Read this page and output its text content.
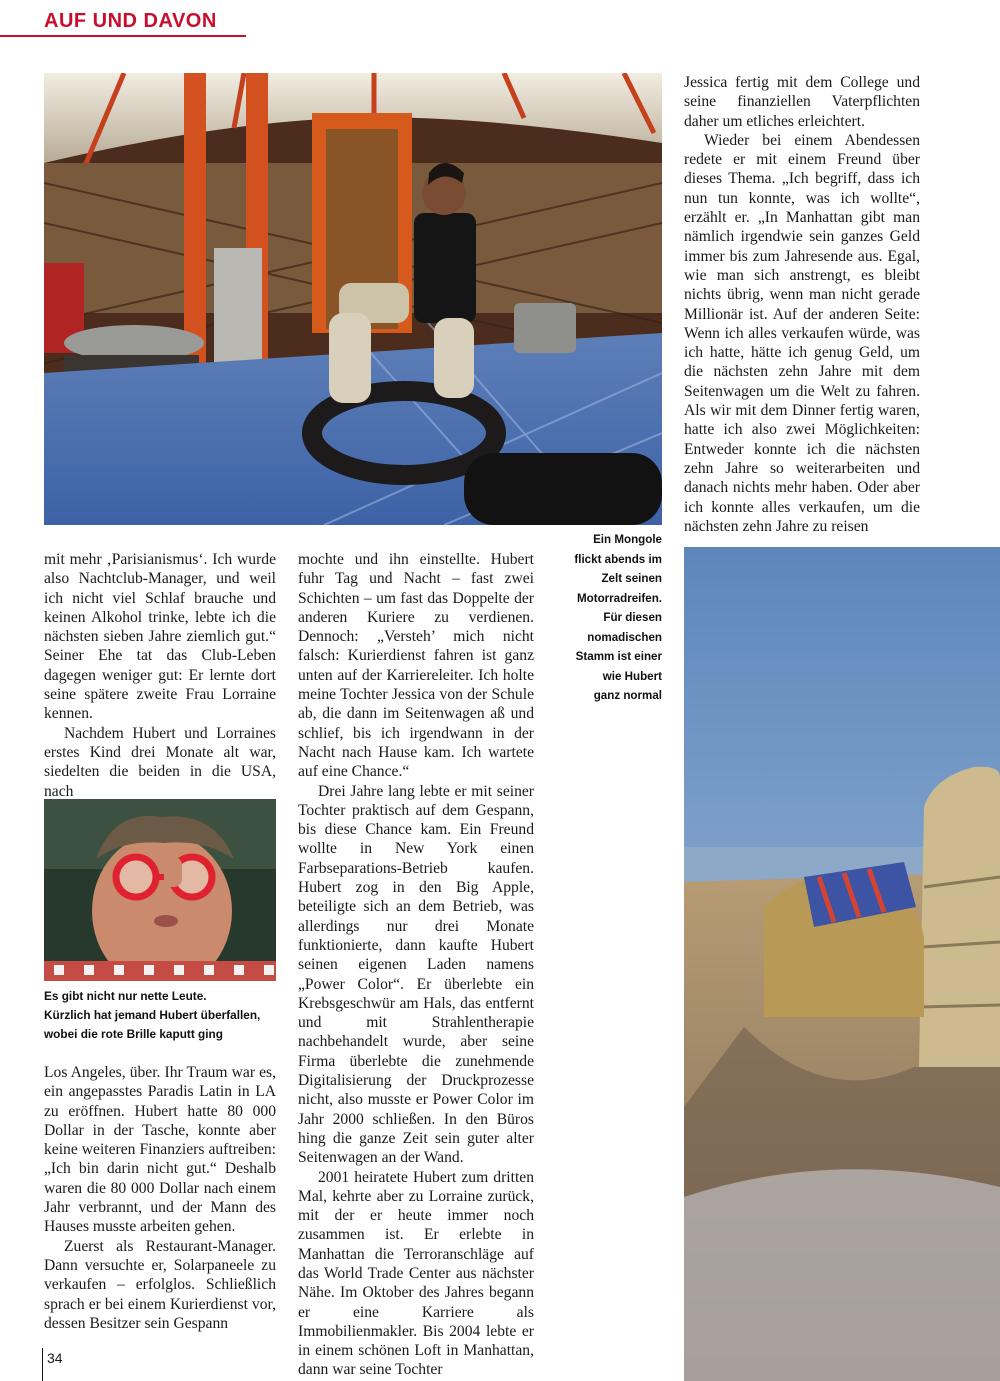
AUF UND DAVON
Ein Mongole
flickt abends im
Zelt seinen
Motorradreifen.
Für diesen
nomadischen
Stamm ist einer
wie Hubert
ganz normal
Es gibt nicht nur nette Leute.
Kürzlich hat jemand Hubert überfallen,
wobei die rote Brille kaputt ging

mit mehr ‚Parisianismus‘. Ich wurde also Nachtclub-Manager, und weil ich nicht viel Schlaf brauche und keinen Alkohol trinke, lebte ich die nächsten sieben Jahre ziemlich gut.“ Seiner Ehe tat das Club-Leben dagegen weniger gut: Er lernte dort seine spätere zweite Frau Lorraine kennen.

Nachdem Hubert und Lorraines erstes Kind drei Monate alt war, siedelten die beiden in die USA, nach

Los Angeles, über. Ihr Traum war es, ein angepasstes Paradis Latin in LA zu eröffnen. Hubert hatte 80 000 Dollar in der Tasche, konnte aber keine weiteren Finanziers auftreiben: „Ich bin darin nicht gut.“ Deshalb waren die 80 000 Dollar nach einem Jahr verbrannt, und der Mann des Hauses musste arbeiten gehen.

Zuerst als Restaurant-Manager. Dann versuchte er, Solarpaneele zu verkaufen – erfolglos. Schließlich sprach er bei einem Kurierdienst vor, dessen Besitzer sein Gespann

mochte und ihn einstellte. Hubert fuhr Tag und Nacht – fast zwei Schichten – um fast das Doppelte der anderen Kuriere zu verdienen. Dennoch: „Versteh’ mich nicht falsch: Kurierdienst fahren ist ganz unten auf der Karriereleiter. Ich holte meine Tochter Jessica von der Schule ab, die dann im Seitenwagen aß und schlief, bis ich irgendwann in der Nacht nach Hause kam. Ich wartete auf eine Chance.“

Drei Jahre lang lebte er mit seiner Tochter praktisch auf dem Gespann, bis diese Chance kam. Ein Freund wollte in New York einen Farbseparations-Betrieb kaufen. Hubert zog in den Big Apple, beteiligte sich an dem Betrieb, was allerdings nur drei Monate funktionierte, dann kaufte Hubert seinen eigenen Laden namens „Power Color“. Er überlebte ein Krebsgeschwür am Hals, das entfernt und mit Strahlentherapie nachbehandelt wurde, aber seine Firma überlebte die zunehmende Digitalisierung der Druckprozesse nicht, also musste er Power Color im Jahr 2000 schließen. In den Büros hing die ganze Zeit sein guter alter Seitenwagen an der Wand.

2001 heiratete Hubert zum dritten Mal, kehrte aber zu Lorraine zurück, mit der er heute immer noch zusammen ist. Er erlebte in Manhattan die Terroranschläge auf das World Trade Center aus nächster Nähe. Im Oktober des Jahres begann er eine Karriere als Immobilienmakler. Bis 2004 lebte er in einem schönen Loft in Manhattan, dann war seine Tochter

Jessica fertig mit dem College und seine finanziellen Vaterpflichten daher um etliches erleichtert.

Wieder bei einem Abendessen redete er mit einem Freund über dieses Thema. „Ich begriff, dass ich nun tun konnte, was ich wollte“, erzählt er. „In Manhattan gibt man nämlich irgendwie sein ganzes Geld immer bis zum Jahresende aus. Egal, wie man sich anstrengt, es bleibt nichts übrig, wenn man nicht gerade Millionär ist. Auf der anderen Seite: Wenn ich alles verkaufen würde, was ich hatte, hätte ich genug Geld, um die nächsten zehn Jahre mit dem Seitenwagen um die Welt zu fahren. Als wir mit dem Dinner fertig waren, hatte ich also zwei Möglichkeiten: Entweder konnte ich die nächsten zehn Jahre so weiterarbeiten und danach nichts mehr haben. Oder aber ich konnte alles verkaufen, um die nächsten zehn Jahre zu reisen

34
